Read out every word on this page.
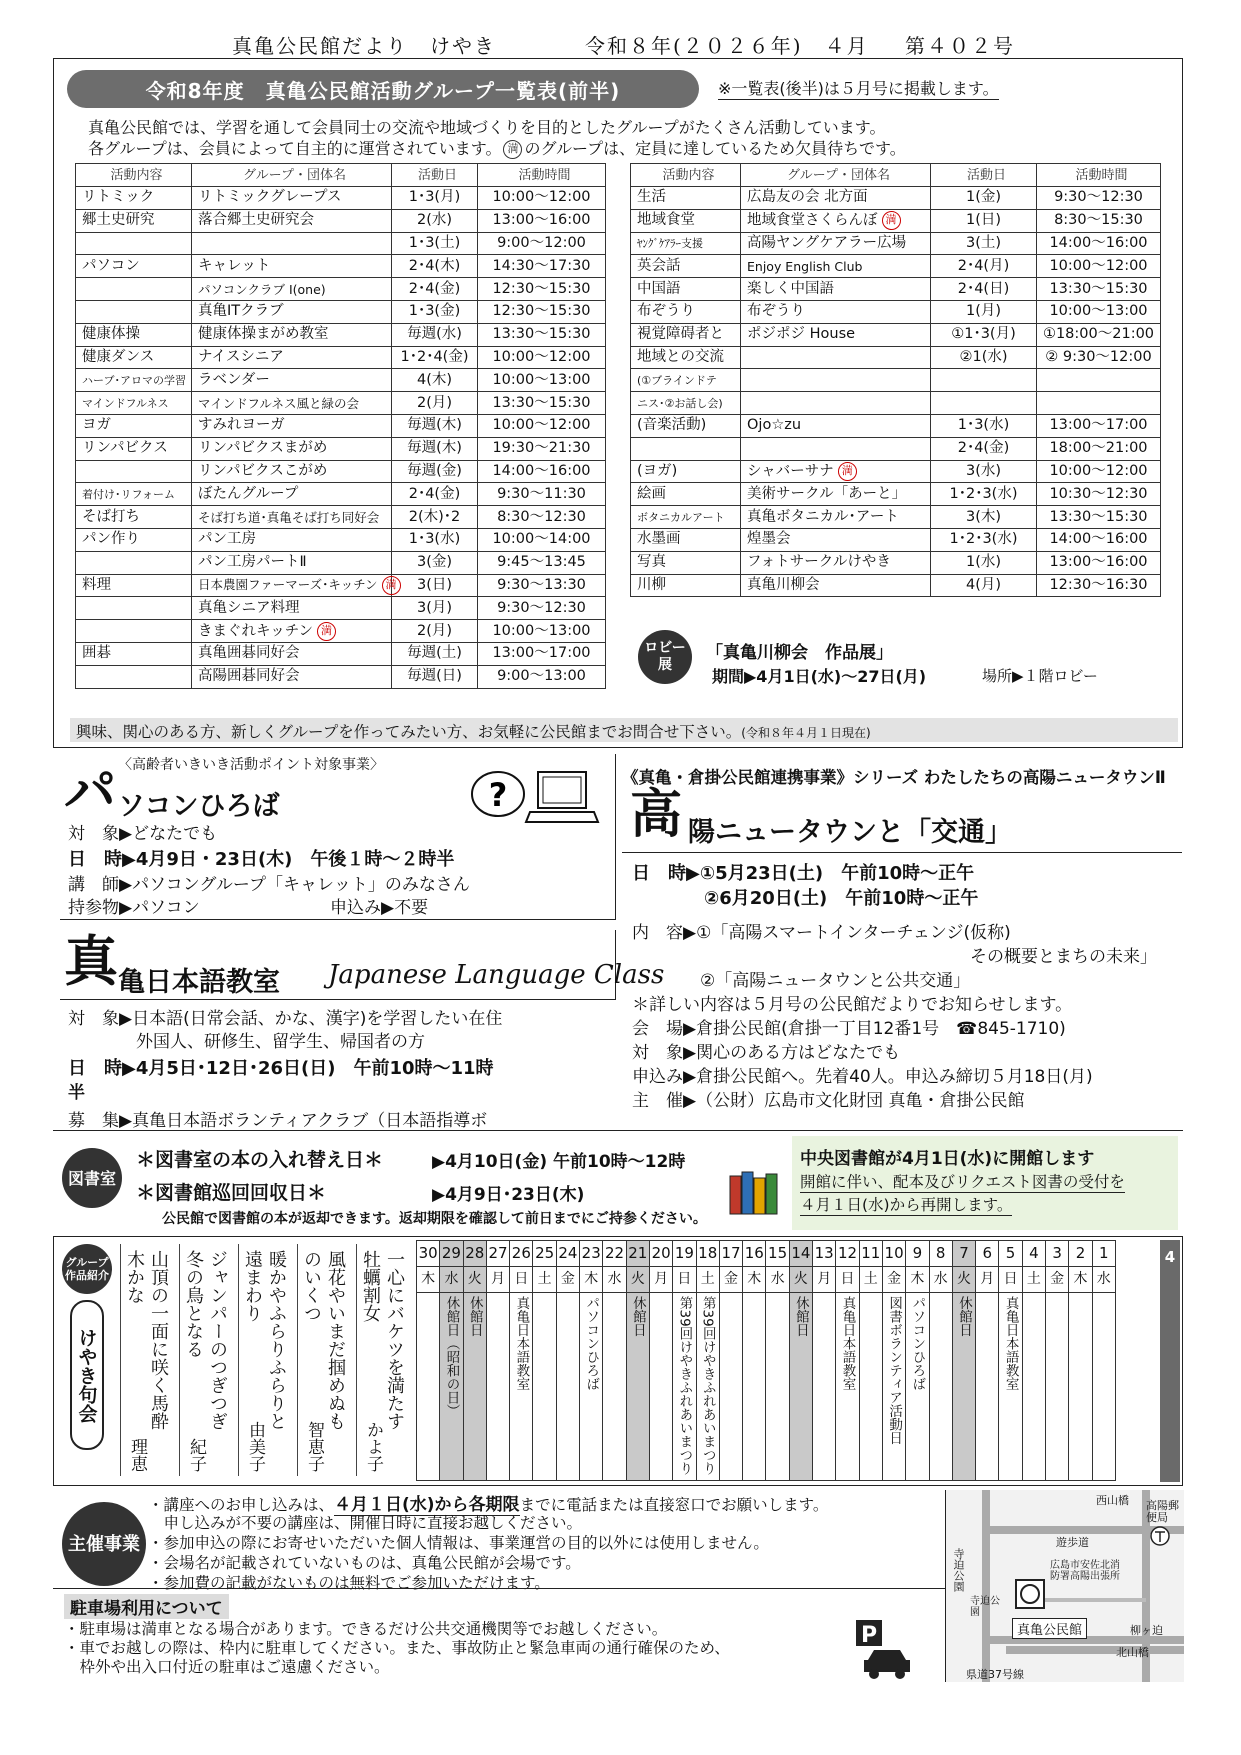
真亀公民館だより　けやき	令和８年(２０２６年)　４月 第４０２号
令和8年度　真亀公民館活動グループ一覧表(前半)	※一覧表(後半)は５月号に掲載します。
真亀公民館では、学習を通して会員同士の交流や地域づくりを目的としたグループがたくさん活動しています。
各グループは、会員によって自主的に運営されています。 満 のグループは、定員に達しているため欠員待ちです。
活動内容	グループ・団体名	活動日	活動時間
リトミック	リトミックグレープス	1･3(月)	10:00～12:00
郷土史研究	落合郷土史研究会	2(水)	13:00～16:00
		1･3(土)	9:00～12:00
パソコン	キャレット	2･4(木)	14:30～17:30
	パソコンクラブ Ⅰ(one)	2･4(金)	12:30～15:30
	真亀ITクラブ	1･3(金)	12:30～15:30
健康体操	健康体操まがめ教室	毎週(水)	13:30～15:30
健康ダンス	ナイスシニア	1･2･4(金)	10:00～12:00
ハーブ･アロマの学習	ラベンダー	4(木)	10:00～13:00
マインドフルネス	マインドフルネス風と緑の会	2(月)	13:30～15:30
ヨガ	すみれヨーガ	毎週(木)	10:00～12:00
リンパビクス	リンパビクスまがめ	毎週(木)	19:30～21:30
	リンパビクスこがめ	毎週(金)	14:00～16:00
着付け･リフォーム	ぼたんグループ	2･4(金)	9:30～11:30
そば打ち	そば打ち道･真亀そば打ち同好会	2(木)･2	8:30～12:30
パン作り	パン工房	1･3(水)	10:00～14:00
	パン工房パートⅡ	3(金)	9:45～13:45
料理	日本農園ファーマーズ･キッチン 満	3(日)	9:30～13:30
	真亀シニア料理	3(月)	9:30～12:30
	きまぐれキッチン 満	2(月)	10:00～13:00
囲碁	真亀囲碁同好会	毎週(土)	13:00～17:00
	高陽囲碁同好会	毎週(日)	9:00～13:00
活動内容	グループ・団体名	活動日	活動時間
生活	広島友の会 北方面	1(金)	9:30～12:30
地域食堂	地域食堂さくらんぼ 満	1(日)	8:30～15:30
ﾔﾝｸﾞｹｱﾗｰ支援	高陽ヤングケアラー広場	3(土)	14:00～16:00
英会話	Enjoy English Club	2･4(月)	10:00～12:00
中国語	楽しく中国語	2･4(日)	13:30～15:30
布ぞうり	布ぞうり	1(月)	10:00～13:00
視覚障碍者と	ポジポジ House	①1･3(月)	①18:00～21:00
地域との交流		②1(水)	② 9:30～12:00
(①ブラインドテ			
ニス･②お話し会)			
(音楽活動)	Ojo☆zu	1･3(水)	13:00～17:00
		2･4(金)	18:00～21:00
(ヨガ)	シャバーサナ 満	3(水)	10:00～12:00
絵画	美術サークル「あーと」	1･2･3(水)	10:30～12:30
ボタニカルアート	真亀ボタニカル･アート	3(木)	13:30～15:30
水墨画	煌墨会	1･2･3(水)	14:00～16:00
写真	フォトサークルけやき	1(水)	13:00～16:00
川柳	真亀川柳会	4(月)	12:30～16:30
ロビー展
「真亀川柳会　作品展」
期間▶4月1日(水)～27日(月)	場所▶１階ロビー
興味、関心のある方、新しくグループを作ってみたい方、お気軽に公民館までお問合せ下さい。(令和８年４月１日現在)
〈高齢者いきいき活動ポイント対象事業〉
パ ソコンひろば	?
対　象▶どなたでも
日　時▶4月9日・23日(木)　午後１時～２時半
講　師▶パソコングループ「キャレット」のみなさん
持参物▶パソコン	申込み▶不要
真 亀日本語教室 Japanese Language Class
対　象▶日本語(日常会話、かな、漢字)を学習したい在住
　　　　外国人、研修生、留学生、帰国者の方
日　時▶4月5日･12日･26日(日)　午前10時～11時
半
募　集▶真亀日本語ボランティアクラブ（日本語指導ボ
《真亀・倉掛公民館連携事業》シリーズ わたしたちの高陽ニュータウンⅡ
高 陽ニュータウンと「交通」
日　時▶①5月23日(土)　午前10時～正午
　　　　②6月20日(土)　午前10時～正午
内　容▶①「高陽スマートインターチェンジ(仮称)
その概要とまちの未来」
　　　　②「高陽ニュータウンと公共交通」
＊詳しい内容は５月号の公民館だよりでお知らせします。
会　場▶倉掛公民館(倉掛一丁目12番1号　☎845-1710)
対　象▶関心のある方はどなたでも
申込み▶倉掛公民館へ。先着40人。申込み締切５月18日(月)
主　催▶（公財）広島市文化財団 真亀・倉掛公民館
図書室
＊図書室の本の入れ替え日＊	▶4月10日(金) 午前10時～12時
＊図書館巡回回収日＊	▶4月9日･23日(木)
公民館で図書館の本が返却できます。返却期限を確認して前日までにご持参ください。
中央図書館が4月1日(水)に開館します
開館に伴い、配本及びリクエスト図書の受付を
４月１日(水)から再開します。
グループ作品紹介
けやき句会	山頂の一面に咲く馬酔木かな
理恵
ジャンパーのつぎつぎ冬の鳥となる
紀子
暖かやふらりふらりと遠まわり
由美子
風花やいまだ掴めぬものいくつ
智恵子
一心にバケツを満たす牡蠣割女
かよ子
30	29	28	27	26	25	24	23	22	21	20	19	18	17	16	15	14	13	12	11	10	9	8	7	6	5	4	3	2	1

木	水	火	月	日	土	金	木	水	火	月	日	土	金	木	水	火	月	日	土	金	木	水	火	月	日	土	金	木	水

	休館日（昭和の日）	休館日		真亀日本語教室			パソコンひろば		休館日		第39回けやきふれあいまつり	第39回けやきふれあいまつり				休館日		真亀日本語教室		図書ボランティア活動日	パソコンひろば		休館日		真亀日本語教室				

4
主催事業
・講座へのお申し込みは、４月１日(水)から各期限までに電話または直接窓口でお願いします。
　申し込みが不要の講座は、開催日時に直接お越しください。
・参加申込の際にお寄せいただいた個人情報は、事業運営の目的以外には使用しません。
・会場名が記載されていないものは、真亀公民館が会場です。
・参加費の記載がないものは無料でご参加いただけます。
駐車場利用について
・駐車場は満車となる場合があります。できるだけ公共交通機関等でお越しください。
・車でお越しの際は、枠内に駐車してください。また、事故防止と緊急車両の通行確保のため、
　枠外や出入口付近の駐車はご遠慮ください。
P
西山橋 高陽郵便局
遊歩道
寺迫公園
寺迫公園
広島市安佐北消防署高陽出張所
真亀公民館	柳ヶ迫
北山橋
県道37号線
